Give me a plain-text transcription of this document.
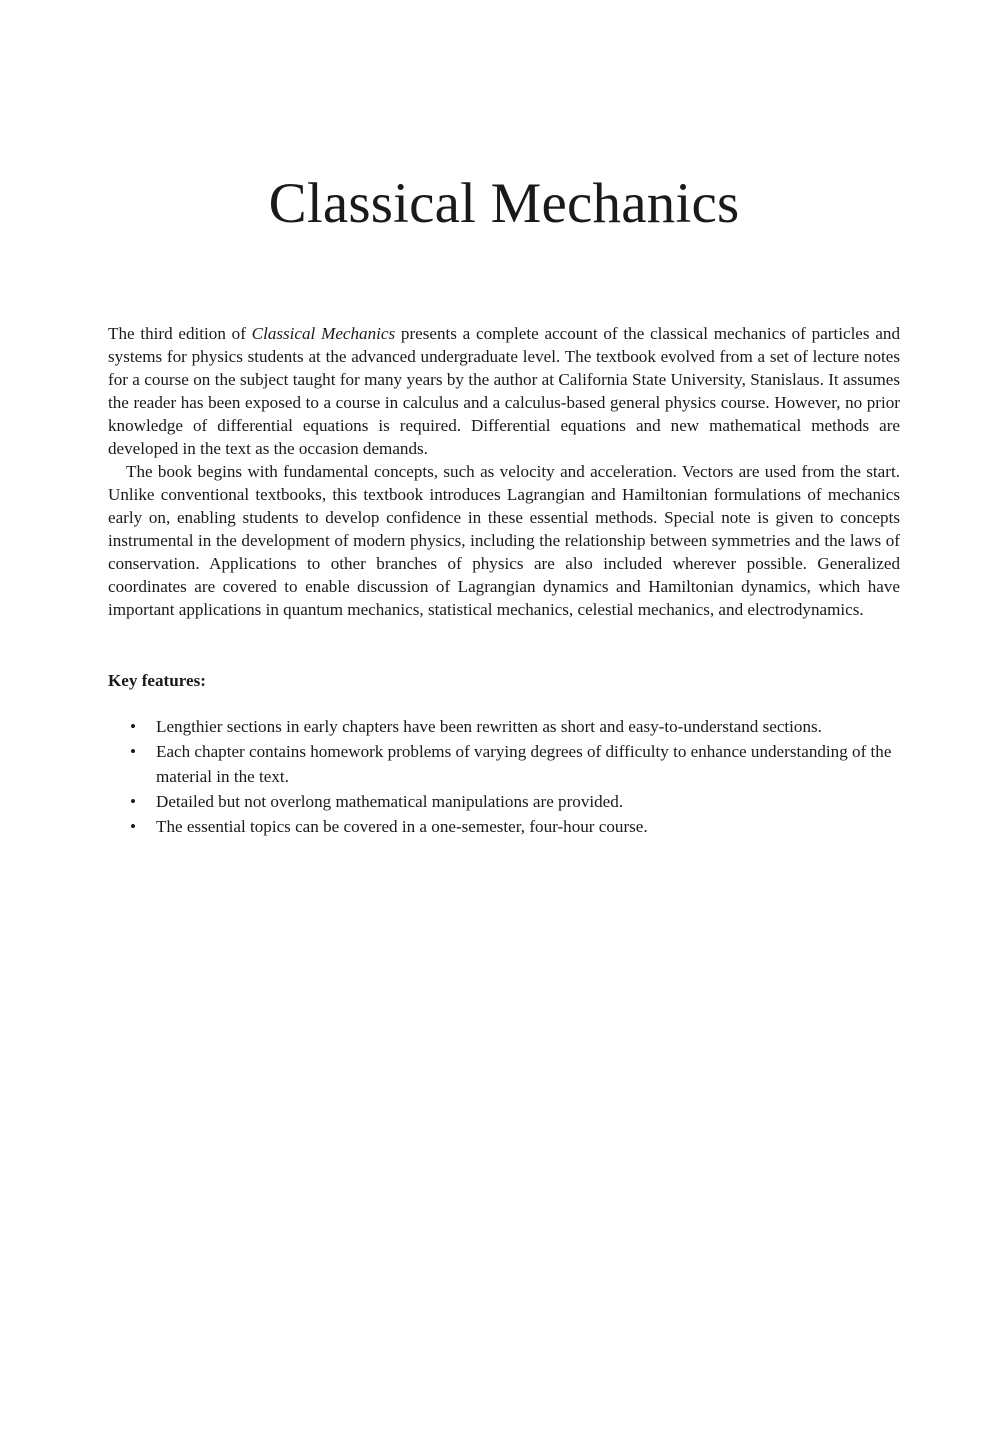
Classical Mechanics

The third edition of Classical Mechanics presents a complete account of the classical mechanics of particles and systems for physics students at the advanced undergraduate level. The textbook evolved from a set of lecture notes for a course on the subject taught for many years by the author at California State University, Stanislaus. It assumes the reader has been exposed to a course in calculus and a calculus-based general physics course. However, no prior knowledge of differential equations is required. Differential equations and new mathematical methods are developed in the text as the occasion demands.

The book begins with fundamental concepts, such as velocity and acceleration. Vectors are used from the start. Unlike conventional textbooks, this textbook introduces Lagrangian and Hamiltonian formulations of mechanics early on, enabling students to develop confidence in these essential methods. Special note is given to concepts instrumental in the development of modern physics, including the relationship between symmetries and the laws of conservation. Applications to other branches of physics are also included wherever possible. Generalized coordinates are covered to enable discussion of Lagrangian dynamics and Hamiltonian dynamics, which have important applications in quantum mechanics, statistical mechanics, celestial mechanics, and electrodynamics.

Key features:

• Lengthier sections in early chapters have been rewritten as short and easy-to-understand sections.
• Each chapter contains homework problems of varying degrees of difficulty to enhance understanding of the material in the text.
• Detailed but not overlong mathematical manipulations are provided.
• The essential topics can be covered in a one-semester, four-hour course.
